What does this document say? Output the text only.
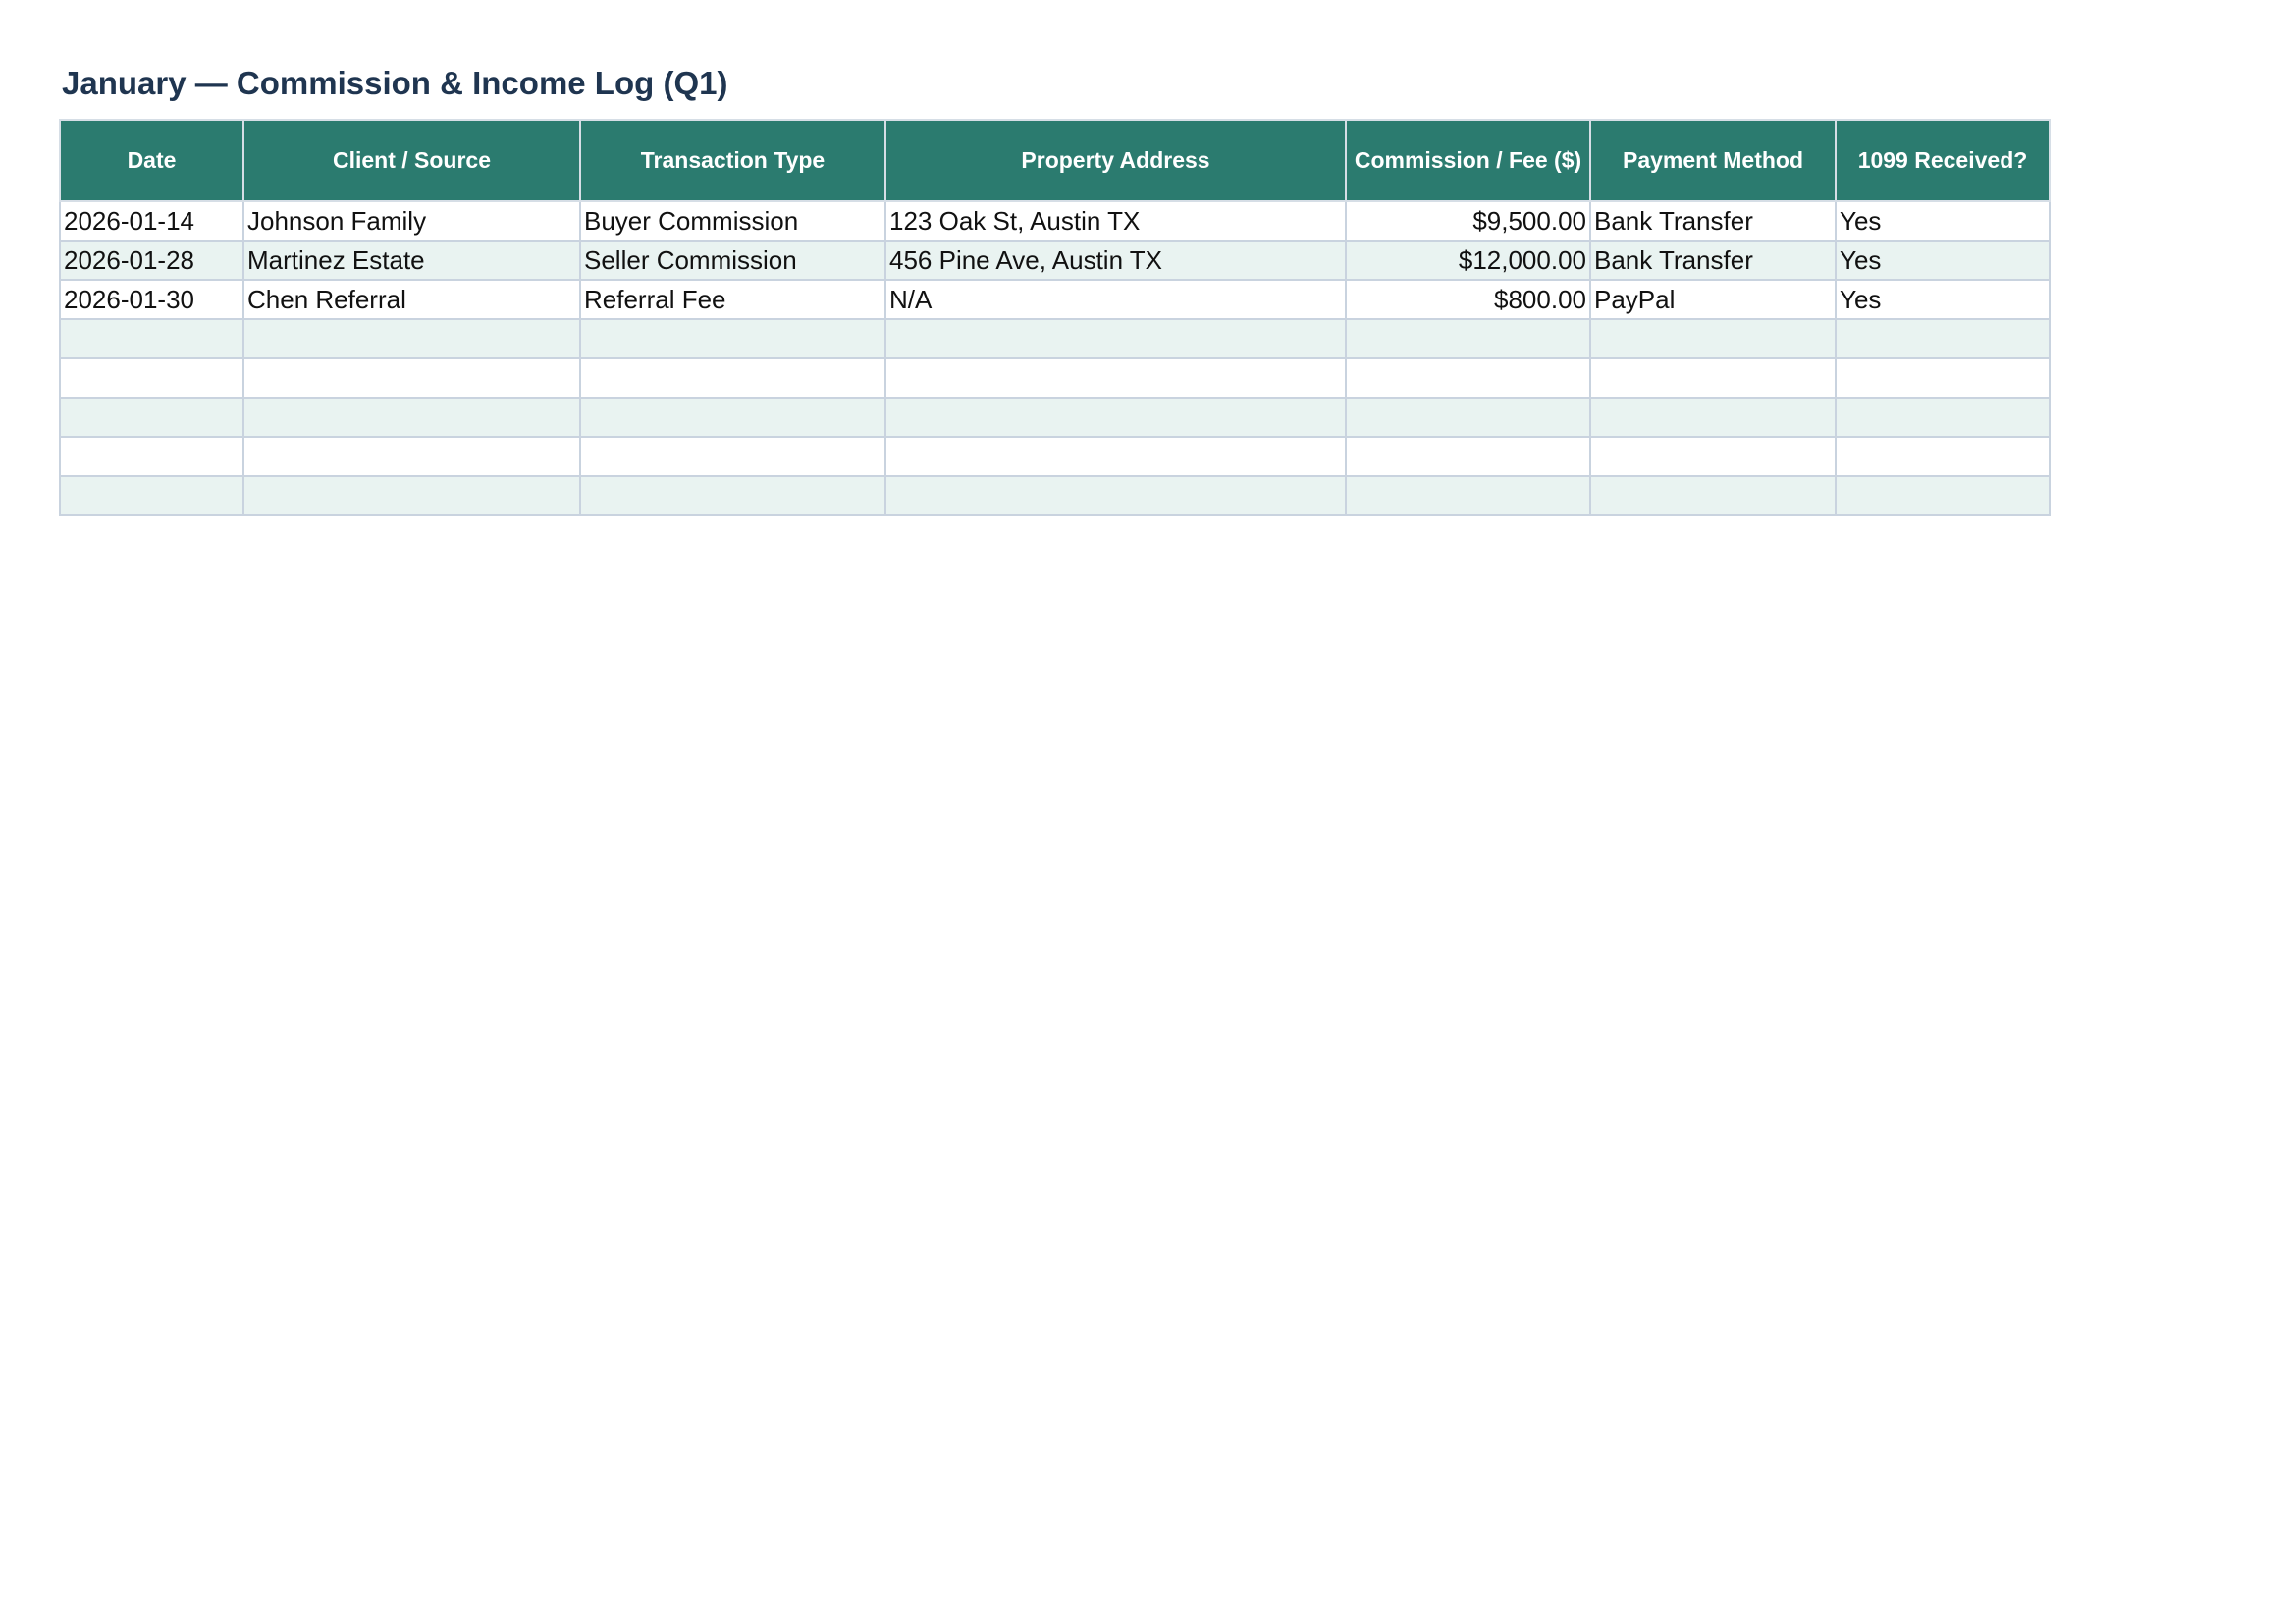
January — Commission & Income Log (Q1)
Date	Client / Source	Transaction Type	Property Address	Commission / Fee ($)	Payment Method	1099 Received?
2026-01-14	Johnson Family	Buyer Commission	123 Oak St, Austin TX	$9,500.00	Bank Transfer	Yes
2026-01-28	Martinez Estate	Seller Commission	456 Pine Ave, Austin TX	$12,000.00	Bank Transfer	Yes
2026-01-30	Chen Referral	Referral Fee	N/A	$800.00	PayPal	Yes
